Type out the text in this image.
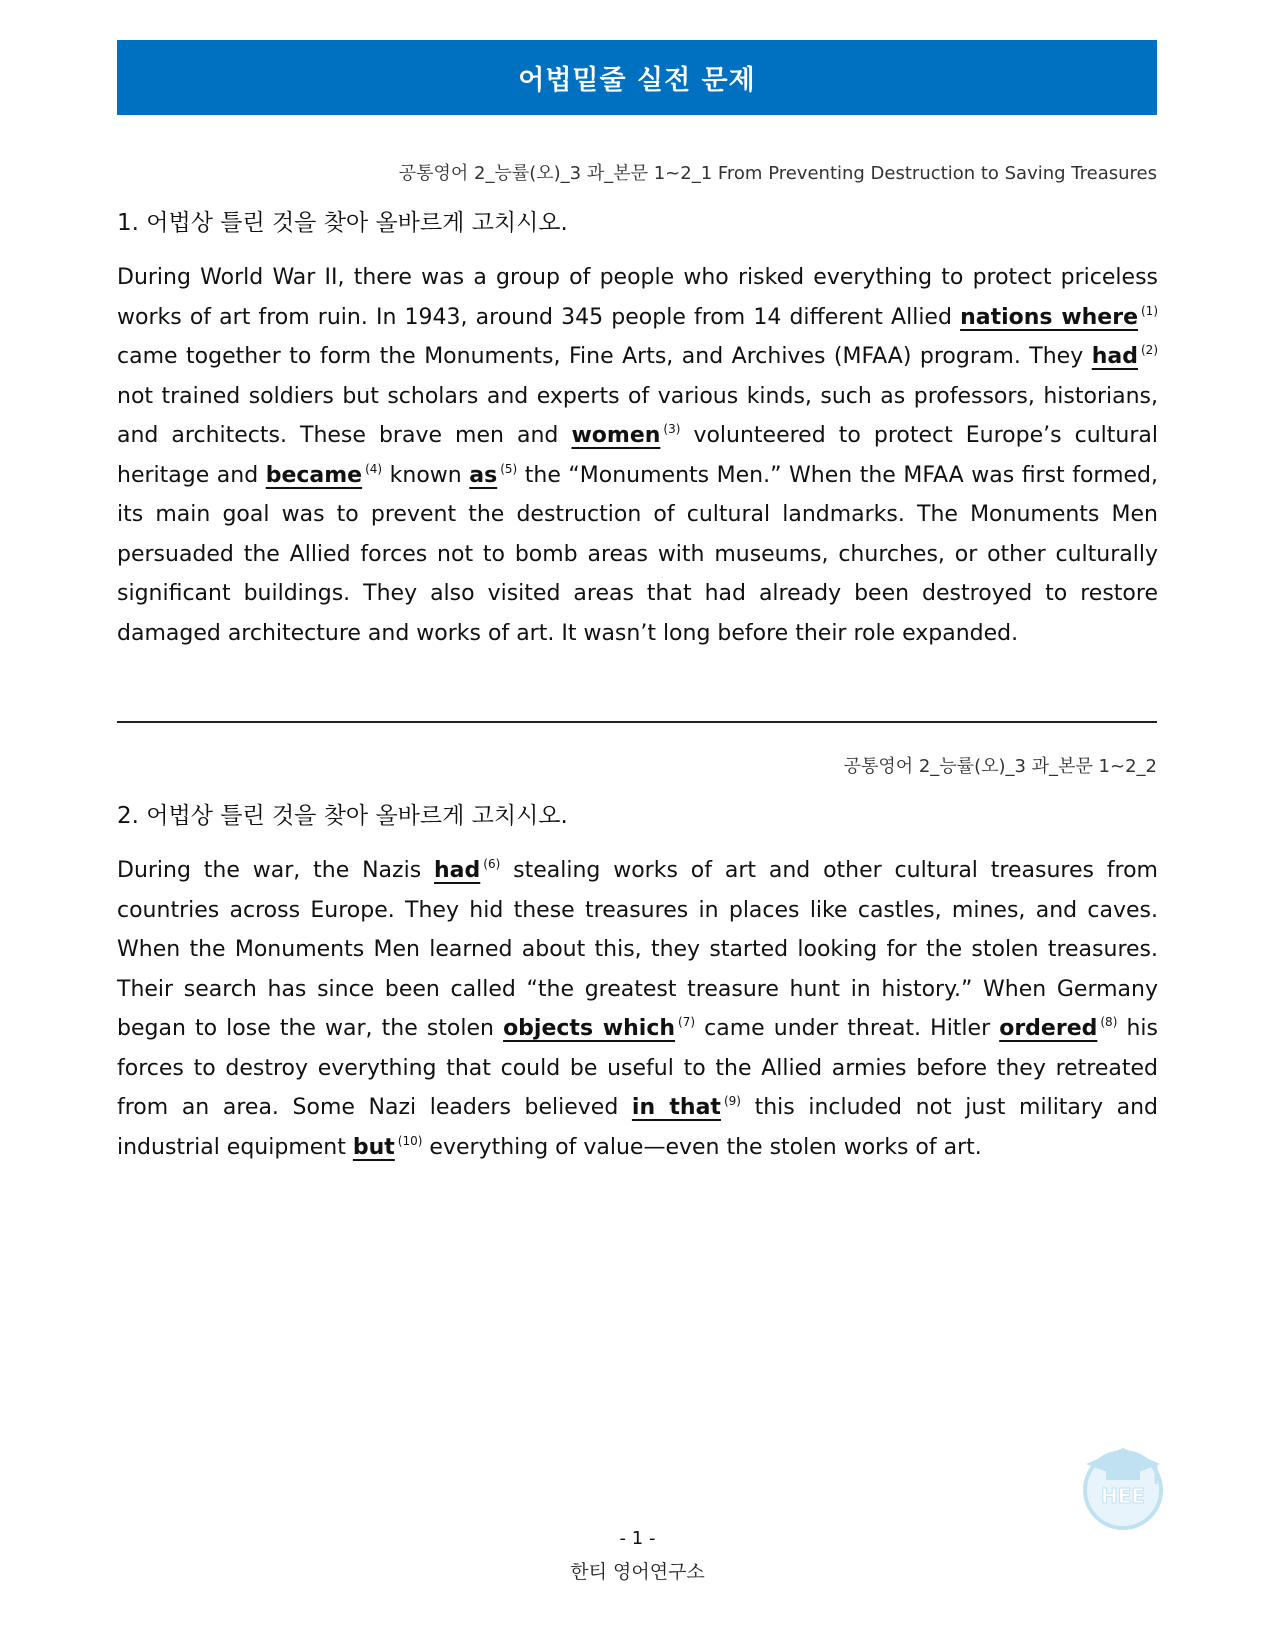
어법밑줄 실전 문제
공통영어 2_능률(오)_3 과_본문 1~2_1 From Preventing Destruction to Saving Treasures
1. 어법상 틀린 것을 찾아 올바르게 고치시오.

During World War II, there was a group of people who risked everything to protect priceless works of art from ruin. In 1943, around 345 people from 14 different Allied nations where $^{(1)}$ came together to form the Monuments, Fine Arts, and Archives (MFAA) program. They had $^{(2)}$ not trained soldiers but scholars and experts of various kinds, such as professors, historians, and architects. These brave men and women $^{(3)}$ volunteered to protect Europe’s cultural heritage and became $^{(4)}$ known as $^{(5)}$ the “Monuments Men.” When the MFAA was first formed, its main goal was to prevent the destruction of cultural landmarks. The Monuments Men persuaded the Allied forces not to bomb areas with museums, churches, or other culturally significant buildings. They also visited areas that had already been destroyed to restore damaged architecture and works of art. It wasn’t long before their role expanded.

공통영어 2_능률(오)_3 과_본문 1~2_2
2. 어법상 틀린 것을 찾아 올바르게 고치시오.

During the war, the Nazis had $^{(6)}$ stealing works of art and other cultural treasures from countries across Europe. They hid these treasures in places like castles, mines, and caves. When the Monuments Men learned about this, they started looking for the stolen treasures. Their search has since been called “the greatest treasure hunt in history.” When Germany began to lose the war, the stolen objects which $^{(7)}$ came under threat. Hitler ordered $^{(8)}$ his forces to destroy everything that could be useful to the Allied armies before they retreated from an area. Some Nazi leaders believed in that $^{(9)}$ this included not just military and industrial equipment but $^{(10)}$ everything of value—even the stolen works of art.

HEE
- 1 -
한티 영어연구소
